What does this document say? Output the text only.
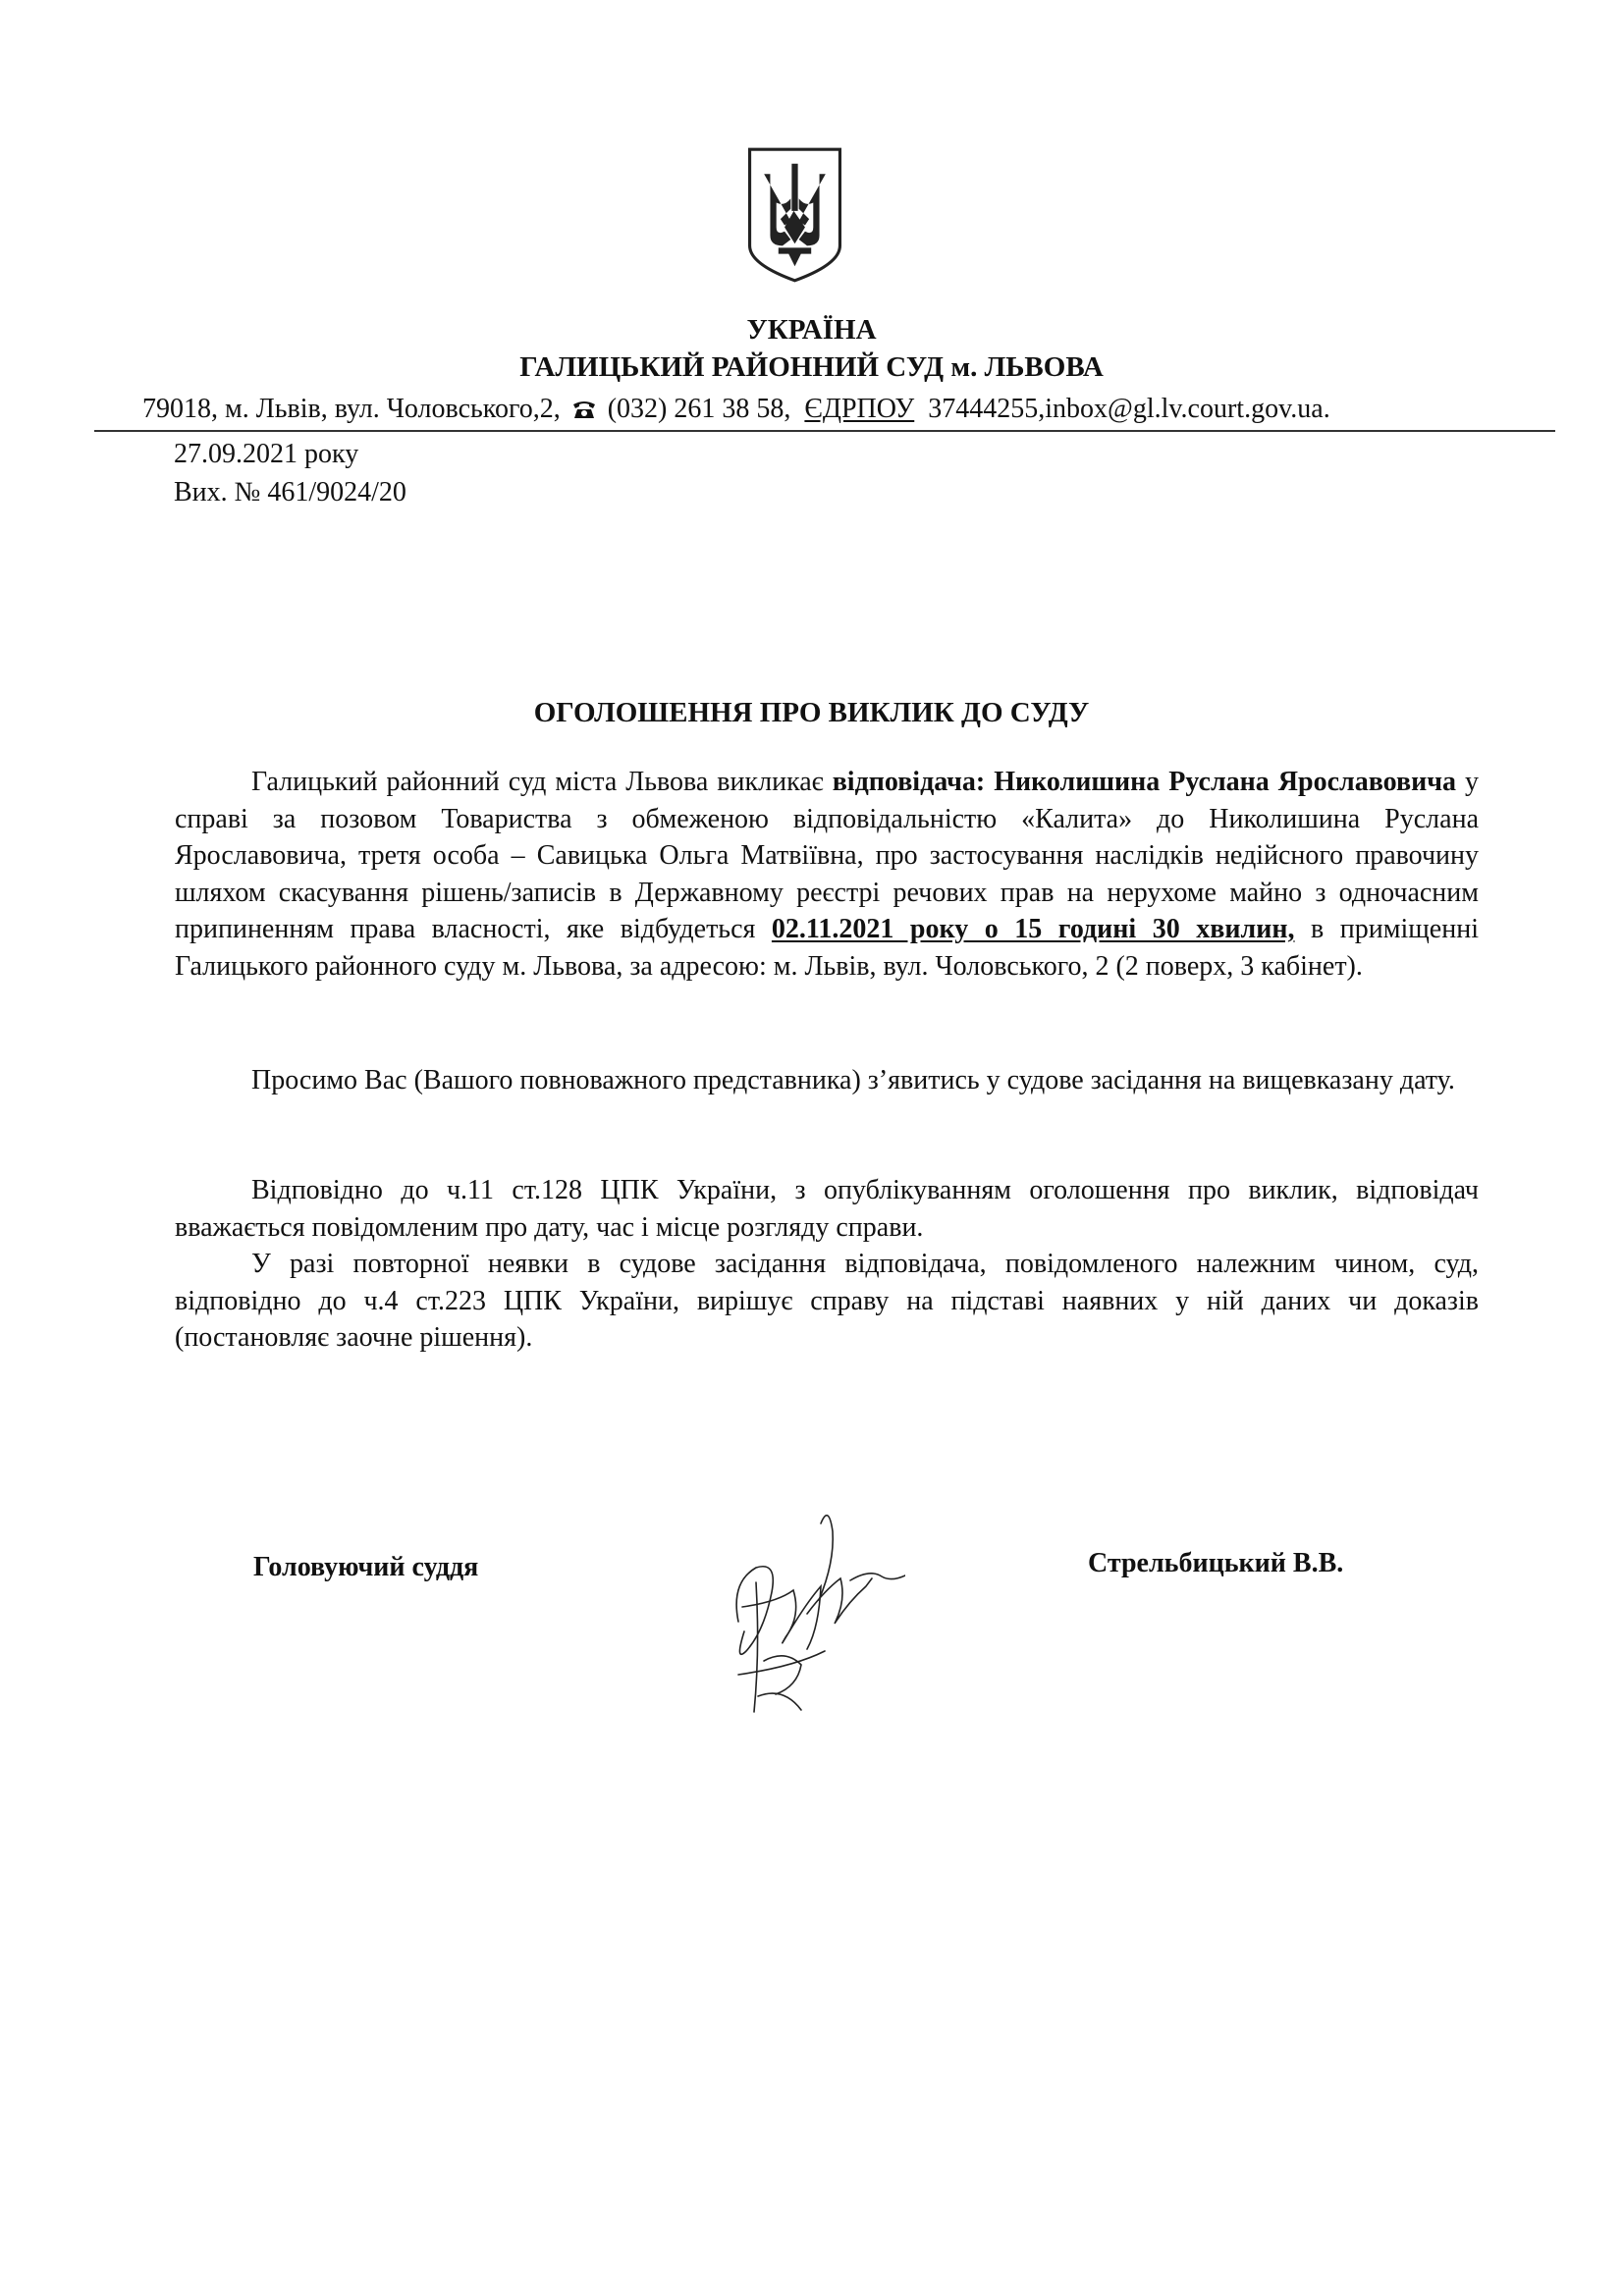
УКРАЇНА
ГАЛИЦЬКИЙ РАЙОННИЙ СУД м. ЛЬВОВА
79018, м. Львів, вул. Чоловського,2, (032) 261 38 58,  ЄДРПОУ 37444255,inbox@gl.lv.court.gov.ua.
27.09.2021 року
Вих. № 461/9024/20
ОГОЛОШЕННЯ ПРО ВИКЛИК ДО СУДУ

Галицький районний суд міста Львова викликає відповідача: Николишина Руслана Ярославовича у справі за позовом Товариства з обмеженою відповідальністю «Калита» до Николишина Руслана Ярославовича, третя особа – Савицька Ольга Матвіївна, про застосування наслідків недійсного правочину шляхом скасування рішень/записів в Державному реєстрі речових прав на нерухоме майно з одночасним припиненням права власності, яке відбудеться 02.11.2021 року о 15 годині 30 хвилин, в приміщенні Галицького районного суду м. Львова, за адресою: м. Львів, вул. Чоловського, 2 (2 поверх, 3 кабінет).

Просимо Вас (Вашого повноважного представника) з’явитись у судове засідання на вищевказану дату.

Відповідно до ч.11 ст.128 ЦПК України, з опублікуванням оголошення про виклик, відповідач вважається повідомленим про дату, час і місце розгляду справи.

У разі повторної неявки в судове засідання відповідача, повідомленого належним чином, суд, відповідно до ч.4 ст.223 ЦПК України, вирішує справу на підставі наявних у ній даних чи доказів (постановляє заочне рішення).

Головуючий суддя	Стрельбицький В.В.
